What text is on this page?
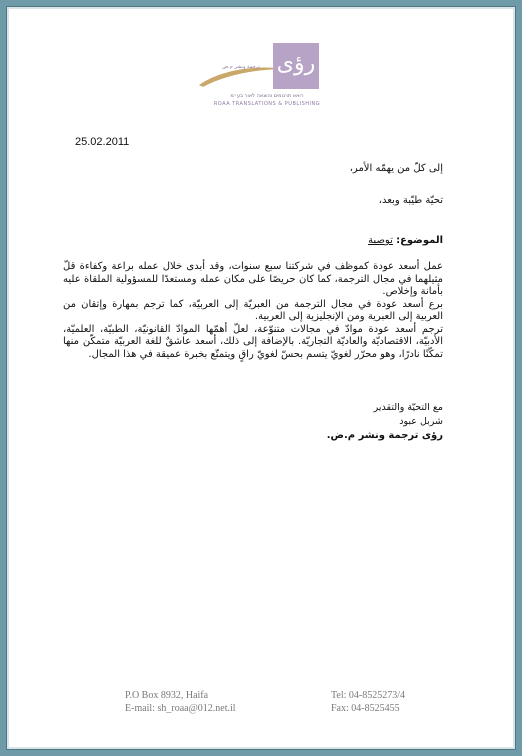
ترجمة ونشر م.ض رؤى
רואא תרגומים והוצאה לאור בע״מ
ROAA TRANSLATIONS & PUBLISHING
25.02.2011
إلى كلّ من يهمّه الأمر،
تحيّة طيّبة وبعد،
الموضوع: توصية

عمل أسعد عودة كموظف في شركتنا سبع سنوات، وقد أبدى خلال عمله براعة وكفاءة قلّ مثيلهما في مجال الترجمة، كما كان حريصًا على مكان عمله ومستعدًا للمسؤولية الملقاة عليه بأمانة وإخلاص.

برع أسعد عودة في مجال الترجمة من العبريّة إلى العربيّة، كما ترجم بمهارة وإتقان من العربية إلى العبرية ومن الإنجليزية إلى العربية.

ترجم أسعد عودة موادّ في مجالات متنوّعة، لعلّ أهمّها الموادّ القانونيّة، الطبيّة، العلميّة، الأدبيّة، الاقتصاديّة والعاديّة التجاريّة. بالإضافة إلى ذلك، أسعد عاشقٌ للغة العربيّة متمكّن منها تمكّنًا نادرًا، وهو محرّر لغويّ يتسم بحسّ لغويّ راقٍ ويتمتّع بخبرة عميقة في هذا المجال.

مع التحيّة والتقدير
شربل عبود
رؤى ترجمة ونشر م.ض.
P.O Box 8932, Haifa	Tel: 04-8525273/4
E-mail: sh_roaa@012.net.il	Fax: 04-8525455
